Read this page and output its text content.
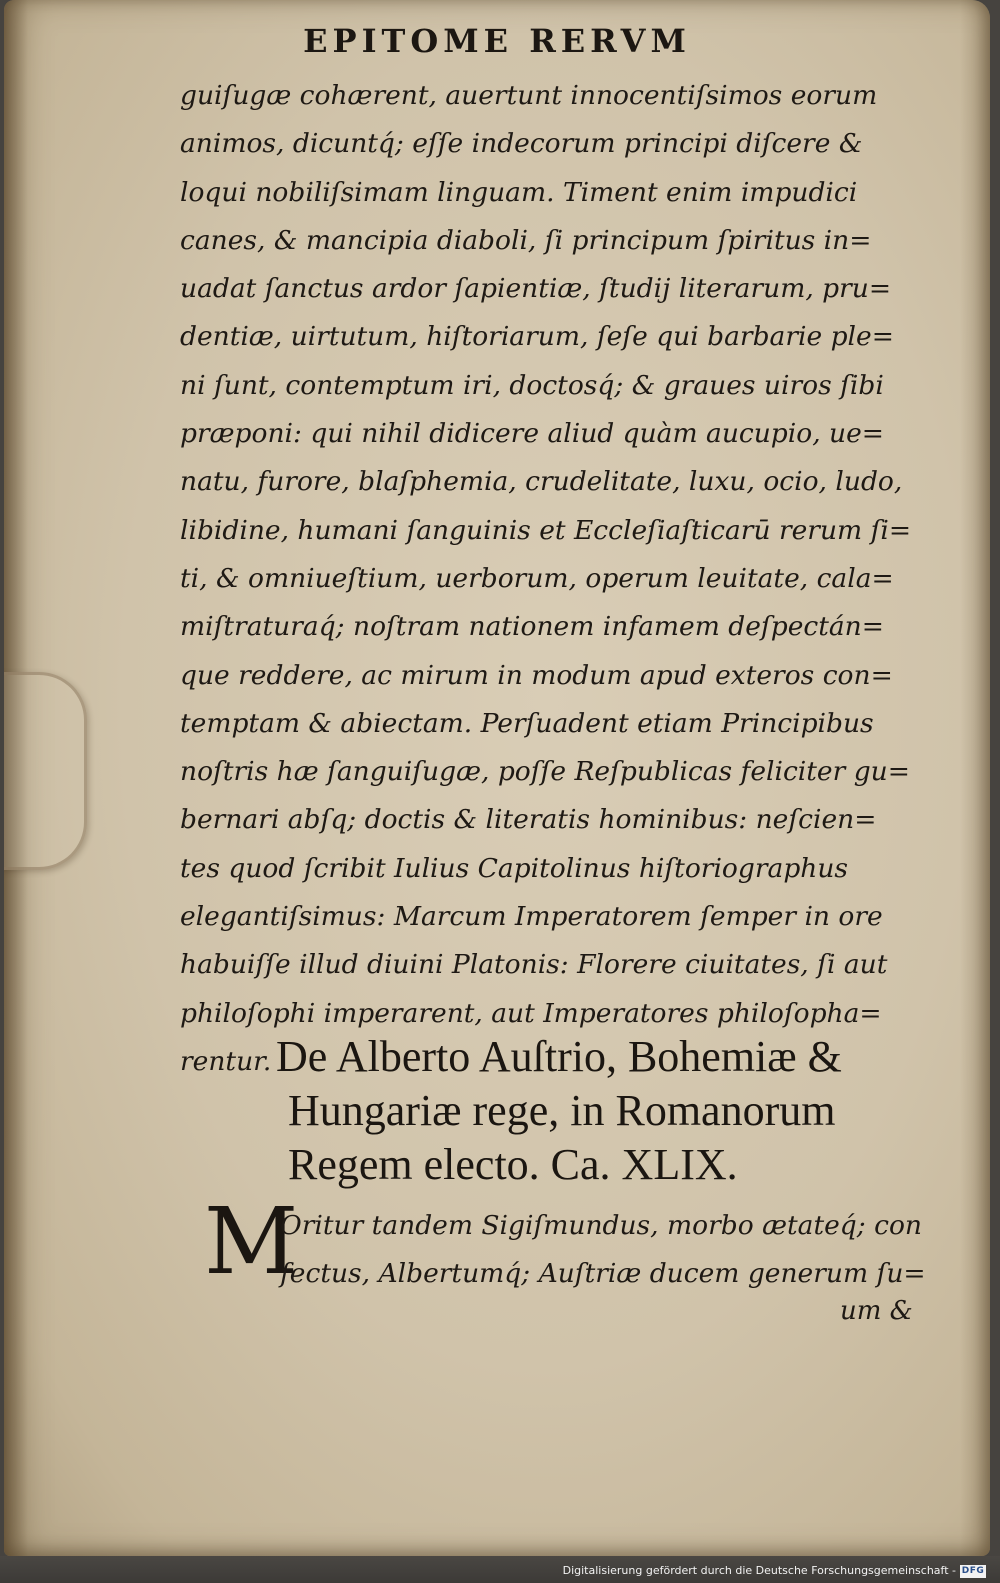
EPITOME RERVM
guiſugæ cohærent, auertunt innocentiſsimos eorum
animos, dicuntq́; eſſe indecorum principi diſcere &
loqui nobiliſsimam linguam. Timent enim impudici
canes, & mancipia diaboli, ſi principum ſpiritus in=
uadat ſanctus ardor ſapientiæ, ſtudij literarum, pru=
dentiæ, uirtutum, hiſtoriarum, ſeſe qui barbarie ple=
ni ſunt, contemptum iri, doctosq́; & graues uiros ſibi
præponi: qui nihil didicere aliud quàm aucupio, ue=
natu, furore, blaſphemia, crudelitate, luxu, ocio, ludo,
libidine, humani ſanguinis et Eccleſiaſticarū rerum ſi=
ti, & omniueſtium, uerborum, operum leuitate, cala=
miſtraturaq́; noſtram nationem infamem deſpectán=
que reddere, ac mirum in modum apud exteros con=
temptam & abiectam. Perſuadent etiam Principibus
noſtris hæ ſanguiſugæ, poſſe Reſpublicas feliciter gu=
bernari abſq; doctis & literatis hominibus: neſcien=
tes quod ſcribit Iulius Capitolinus hiſtoriographus
elegantiſsimus: Marcum Imperatorem ſemper in ore
habuiſſe illud diuini Platonis: Florere ciuitates, ſi aut
philoſophi imperarent, aut Imperatores philoſopha=
rentur. De Alberto Auſtrio, Bohemiæ &
Hungariæ rege, in Romanorum
Regem electo. Ca. XLIX.
M
Oritur tandem Sigiſmundus, morbo ætateq́; con
fectus, Albertumq́; Auſtriæ ducem generum ſu=
um &
Digitalisierung gefördert durch die Deutsche Forschungsgemeinschaft - DFG
